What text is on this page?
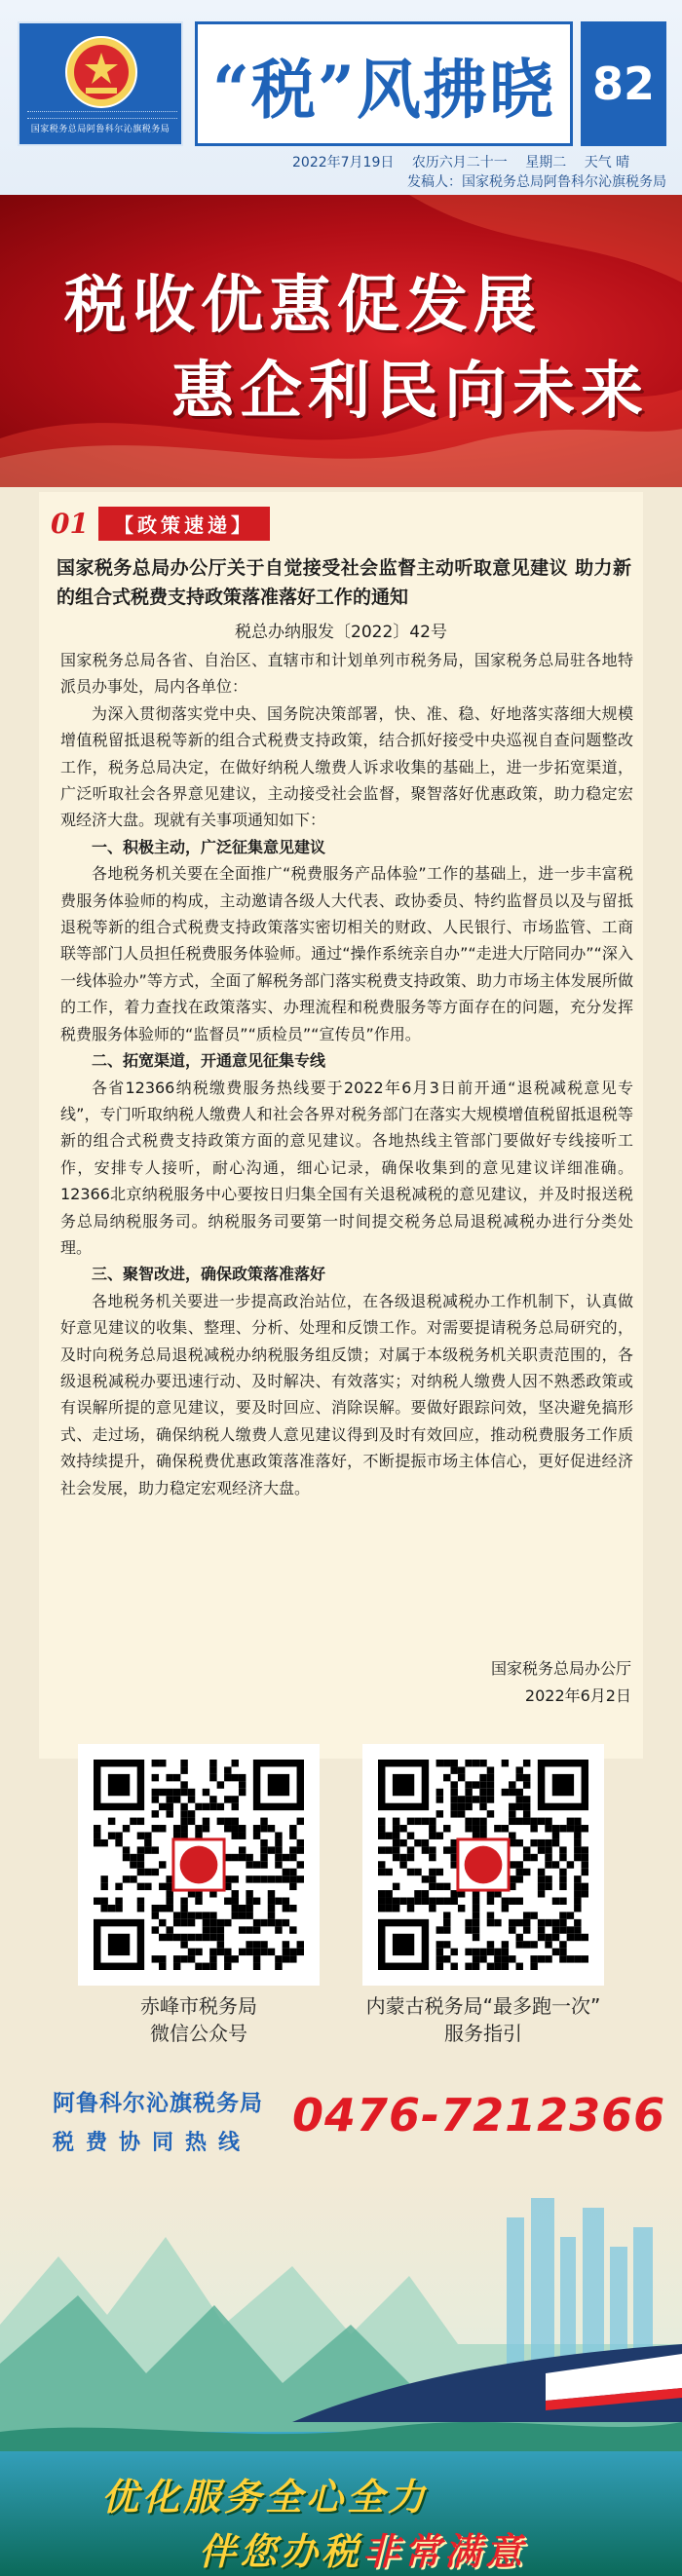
国家税务总局阿鲁科尔沁旗税务局
“税”风拂晓 82
2022年7月19日 农历六月二十一 星期二 天气 晴
发稿人：国家税务总局阿鲁科尔沁旗税务局
税收优惠促发展
惠企利民向未来
01	【政策速递】
国家税务总局办公厅关于自觉接受社会监督主动听取意见建议 助力新的组合式税费支持政策落准落好工作的通知
税总办纳服发〔2022〕42号

国家税务总局各省、自治区、直辖市和计划单列市税务局，国家税务总局驻各地特派员办事处，局内各单位：

为深入贯彻落实党中央、国务院决策部署，快、准、稳、好地落实落细大规模增值税留抵退税等新的组合式税费支持政策，结合抓好接受中央巡视自查问题整改工作，税务总局决定，在做好纳税人缴费人诉求收集的基础上，进一步拓宽渠道，广泛听取社会各界意见建议，主动接受社会监督，聚智落好优惠政策，助力稳定宏观经济大盘。现就有关事项通知如下：

一、积极主动，广泛征集意见建议

各地税务机关要在全面推广“税费服务产品体验”工作的基础上，进一步丰富税费服务体验师的构成，主动邀请各级人大代表、政协委员、特约监督员以及与留抵退税等新的组合式税费支持政策落实密切相关的财政、人民银行、市场监管、工商联等部门人员担任税费服务体验师。通过“操作系统亲自办”“走进大厅陪同办”“深入一线体验办”等方式，全面了解税务部门落实税费支持政策、助力市场主体发展所做的工作，着力查找在政策落实、办理流程和税费服务等方面存在的问题，充分发挥税费服务体验师的“监督员”“质检员”“宣传员”作用。

二、拓宽渠道，开通意见征集专线

各省12366纳税缴费服务热线要于2022年6月3日前开通“退税减税意见专线”，专门听取纳税人缴费人和社会各界对税务部门在落实大规模增值税留抵退税等新的组合式税费支持政策方面的意见建议。各地热线主管部门要做好专线接听工作，安排专人接听，耐心沟通，细心记录，确保收集到的意见建议详细准确。12366北京纳税服务中心要按日归集全国有关退税减税的意见建议，并及时报送税务总局纳税服务司。纳税服务司要第一时间提交税务总局退税减税办进行分类处理。

三、聚智改进，确保政策落准落好

各地税务机关要进一步提高政治站位，在各级退税减税办工作机制下，认真做好意见建议的收集、整理、分析、处理和反馈工作。对需要提请税务总局研究的，及时向税务总局退税减税办纳税服务组反馈；对属于本级税务机关职责范围的，各级退税减税办要迅速行动、及时解决、有效落实；对纳税人缴费人因不熟悉政策或有误解所提的意见建议，要及时回应、消除误解。要做好跟踪问效，坚决避免搞形式、走过场，确保纳税人缴费人意见建议得到及时有效回应，推动税费服务工作质效持续提升，确保税费优惠政策落准落好，不断提振市场主体信心，更好促进经济社会发展，助力稳定宏观经济大盘。

国家税务总局办公厅
2022年6月2日
赤峰市税务局
微信公众号
内蒙古税务局“最多跑一次”
服务指引
阿鲁科尔沁旗税务局
税费协同热线
0476-7212366
优化服务全心全力
伴您办税非常满意
